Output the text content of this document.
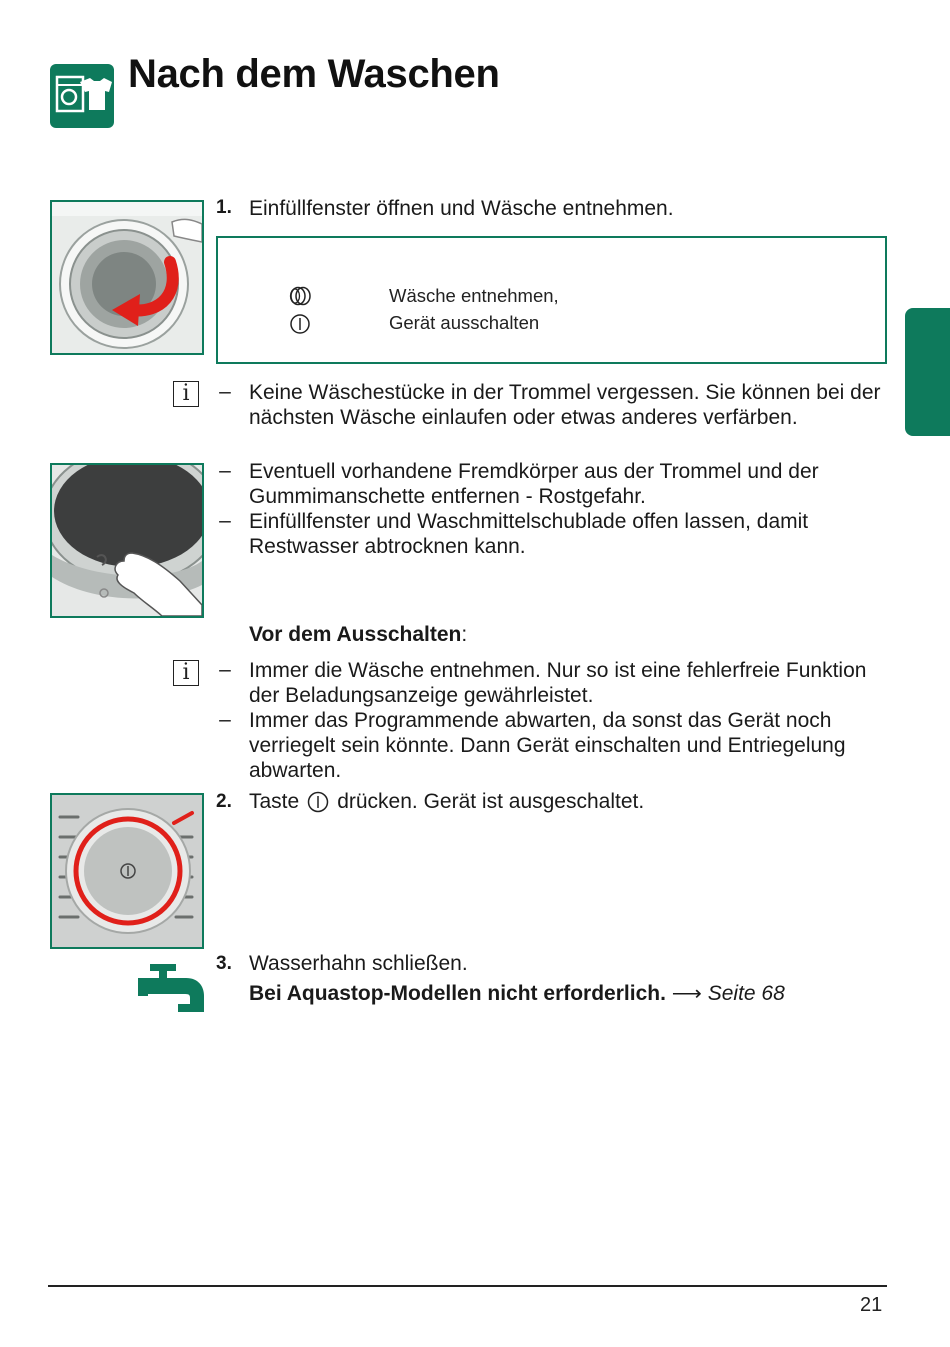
Nach dem Waschen
1. Einfüllfenster öffnen und Wäsche entnehmen.
Wäsche entnehmen,
Gerät ausschalten
i	– Keine Wäschestücke in der Trommel vergessen. Sie können bei der nächsten Wäsche einlaufen oder etwas anderes verfärben.
– Eventuell vorhandene Fremdkörper aus der Trommel und der Gummimanschette entfernen - Rostgefahr.
– Einfüllfenster und Waschmittelschublade offen lassen, damit Restwasser abtrocknen kann.
Vor dem Ausschalten:
i	– Immer die Wäsche entnehmen. Nur so ist eine fehlerfreie Funktion der Beladungsanzeige gewährleistet.
– Immer das Programmende abwarten, da sonst das Gerät noch verriegelt sein könnte. Dann Gerät einschalten und Entriegelung abwarten.
2. Taste drücken. Gerät ist ausgeschaltet.
3. Wasserhahn schließen.
Bei Aquastop-Modellen nicht erforderlich. ⟶ Seite 68
21
